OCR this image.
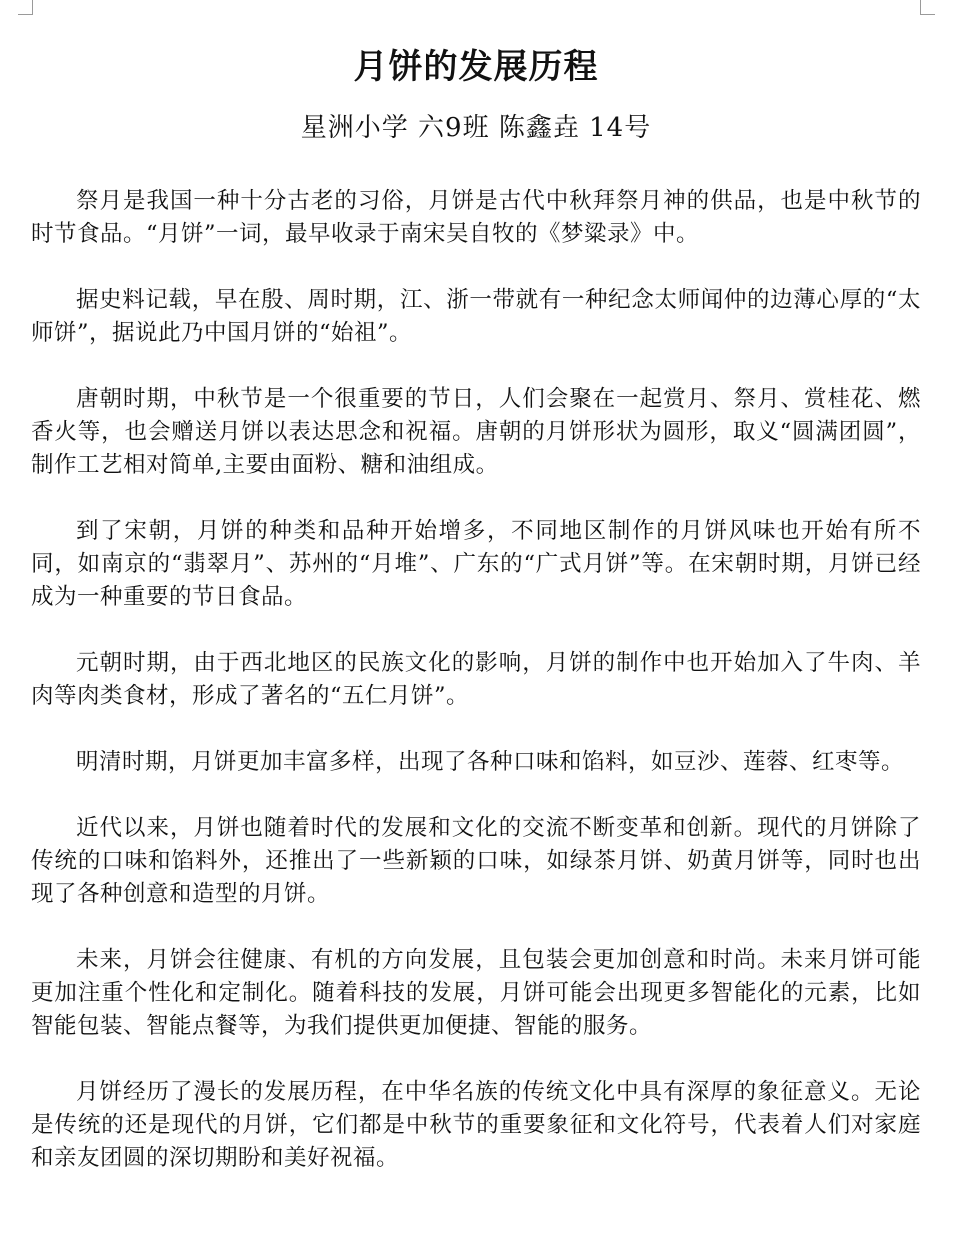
月饼的发展历程

星洲小学 六9班 陈鑫垚 14号

祭月是我国一种十分古老的习俗，月饼是古代中秋拜祭月神的供品，也是中秋节的时节食品。“月饼”一词，最早收录于南宋吴自牧的《梦粱录》中。

据史料记载，早在殷、周时期，江、浙一带就有一种纪念太师闻仲的边薄心厚的“太师饼”，据说此乃中国月饼的“始祖”。

唐朝时期，中秋节是一个很重要的节日，人们会聚在一起赏月、祭月、赏桂花、燃香火等，也会赠送月饼以表达思念和祝福。唐朝的月饼形状为圆形，取义“圆满团圆”，制作工艺相对简单,主要由面粉、糖和油组成。

到了宋朝，月饼的种类和品种开始增多，不同地区制作的月饼风味也开始有所不同，如南京的“翡翠月”、苏州的“月堆”、广东的“广式月饼”等。在宋朝时期，月饼已经成为一种重要的节日食品。

元朝时期，由于西北地区的民族文化的影响，月饼的制作中也开始加入了牛肉、羊肉等肉类食材，形成了著名的“五仁月饼”。

明清时期，月饼更加丰富多样，出现了各种口味和馅料，如豆沙、莲蓉、红枣等。

近代以来，月饼也随着时代的发展和文化的交流不断变革和创新。现代的月饼除了传统的口味和馅料外，还推出了一些新颖的口味，如绿茶月饼、奶黄月饼等，同时也出现了各种创意和造型的月饼。

未来，月饼会往健康、有机的方向发展，且包装会更加创意和时尚。未来月饼可能更加注重个性化和定制化。随着科技的发展，月饼可能会出现更多智能化的元素，比如智能包装、智能点餐等，为我们提供更加便捷、智能的服务。

月饼经历了漫长的发展历程，在中华名族的传统文化中具有深厚的象征意义。无论是传统的还是现代的月饼，它们都是中秋节的重要象征和文化符号，代表着人们对家庭和亲友团圆的深切期盼和美好祝福。
